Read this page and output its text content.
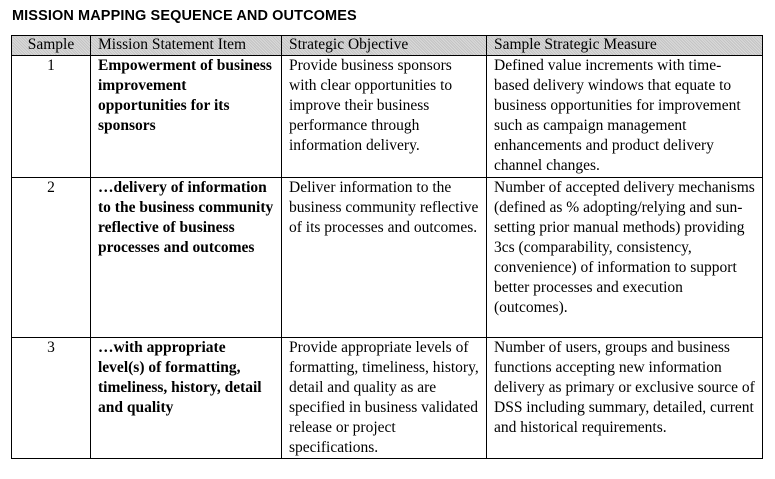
MISSION MAPPING SEQUENCE AND OUTCOMES
Sample	Mission Statement Item	Strategic Objective	Sample Strategic Measure
1	Empowerment of business improvement opportunities for its sponsors	Provide business sponsors with clear opportunities to improve their business performance through information delivery.	Defined value increments with time-based delivery windows that equate to business opportunities for improvement such as campaign management enhancements and product delivery channel changes.
2	…delivery of information to the business community reflective of business processes and outcomes	Deliver information to the business community reflective of its processes and outcomes.	Number of accepted delivery mechanisms (defined as % adopting/relying and sun-setting prior manual methods) providing 3cs (comparability, consistency, convenience) of information to support better processes and execution (outcomes).
3	…with appropriate level(s) of formatting, timeliness, history, detail and quality	Provide appropriate levels of formatting, timeliness, history, detail and quality as are specified in business validated release or project specifications.	Number of users, groups and business functions accepting new information delivery as primary or exclusive source of DSS including summary, detailed, current and historical requirements.
